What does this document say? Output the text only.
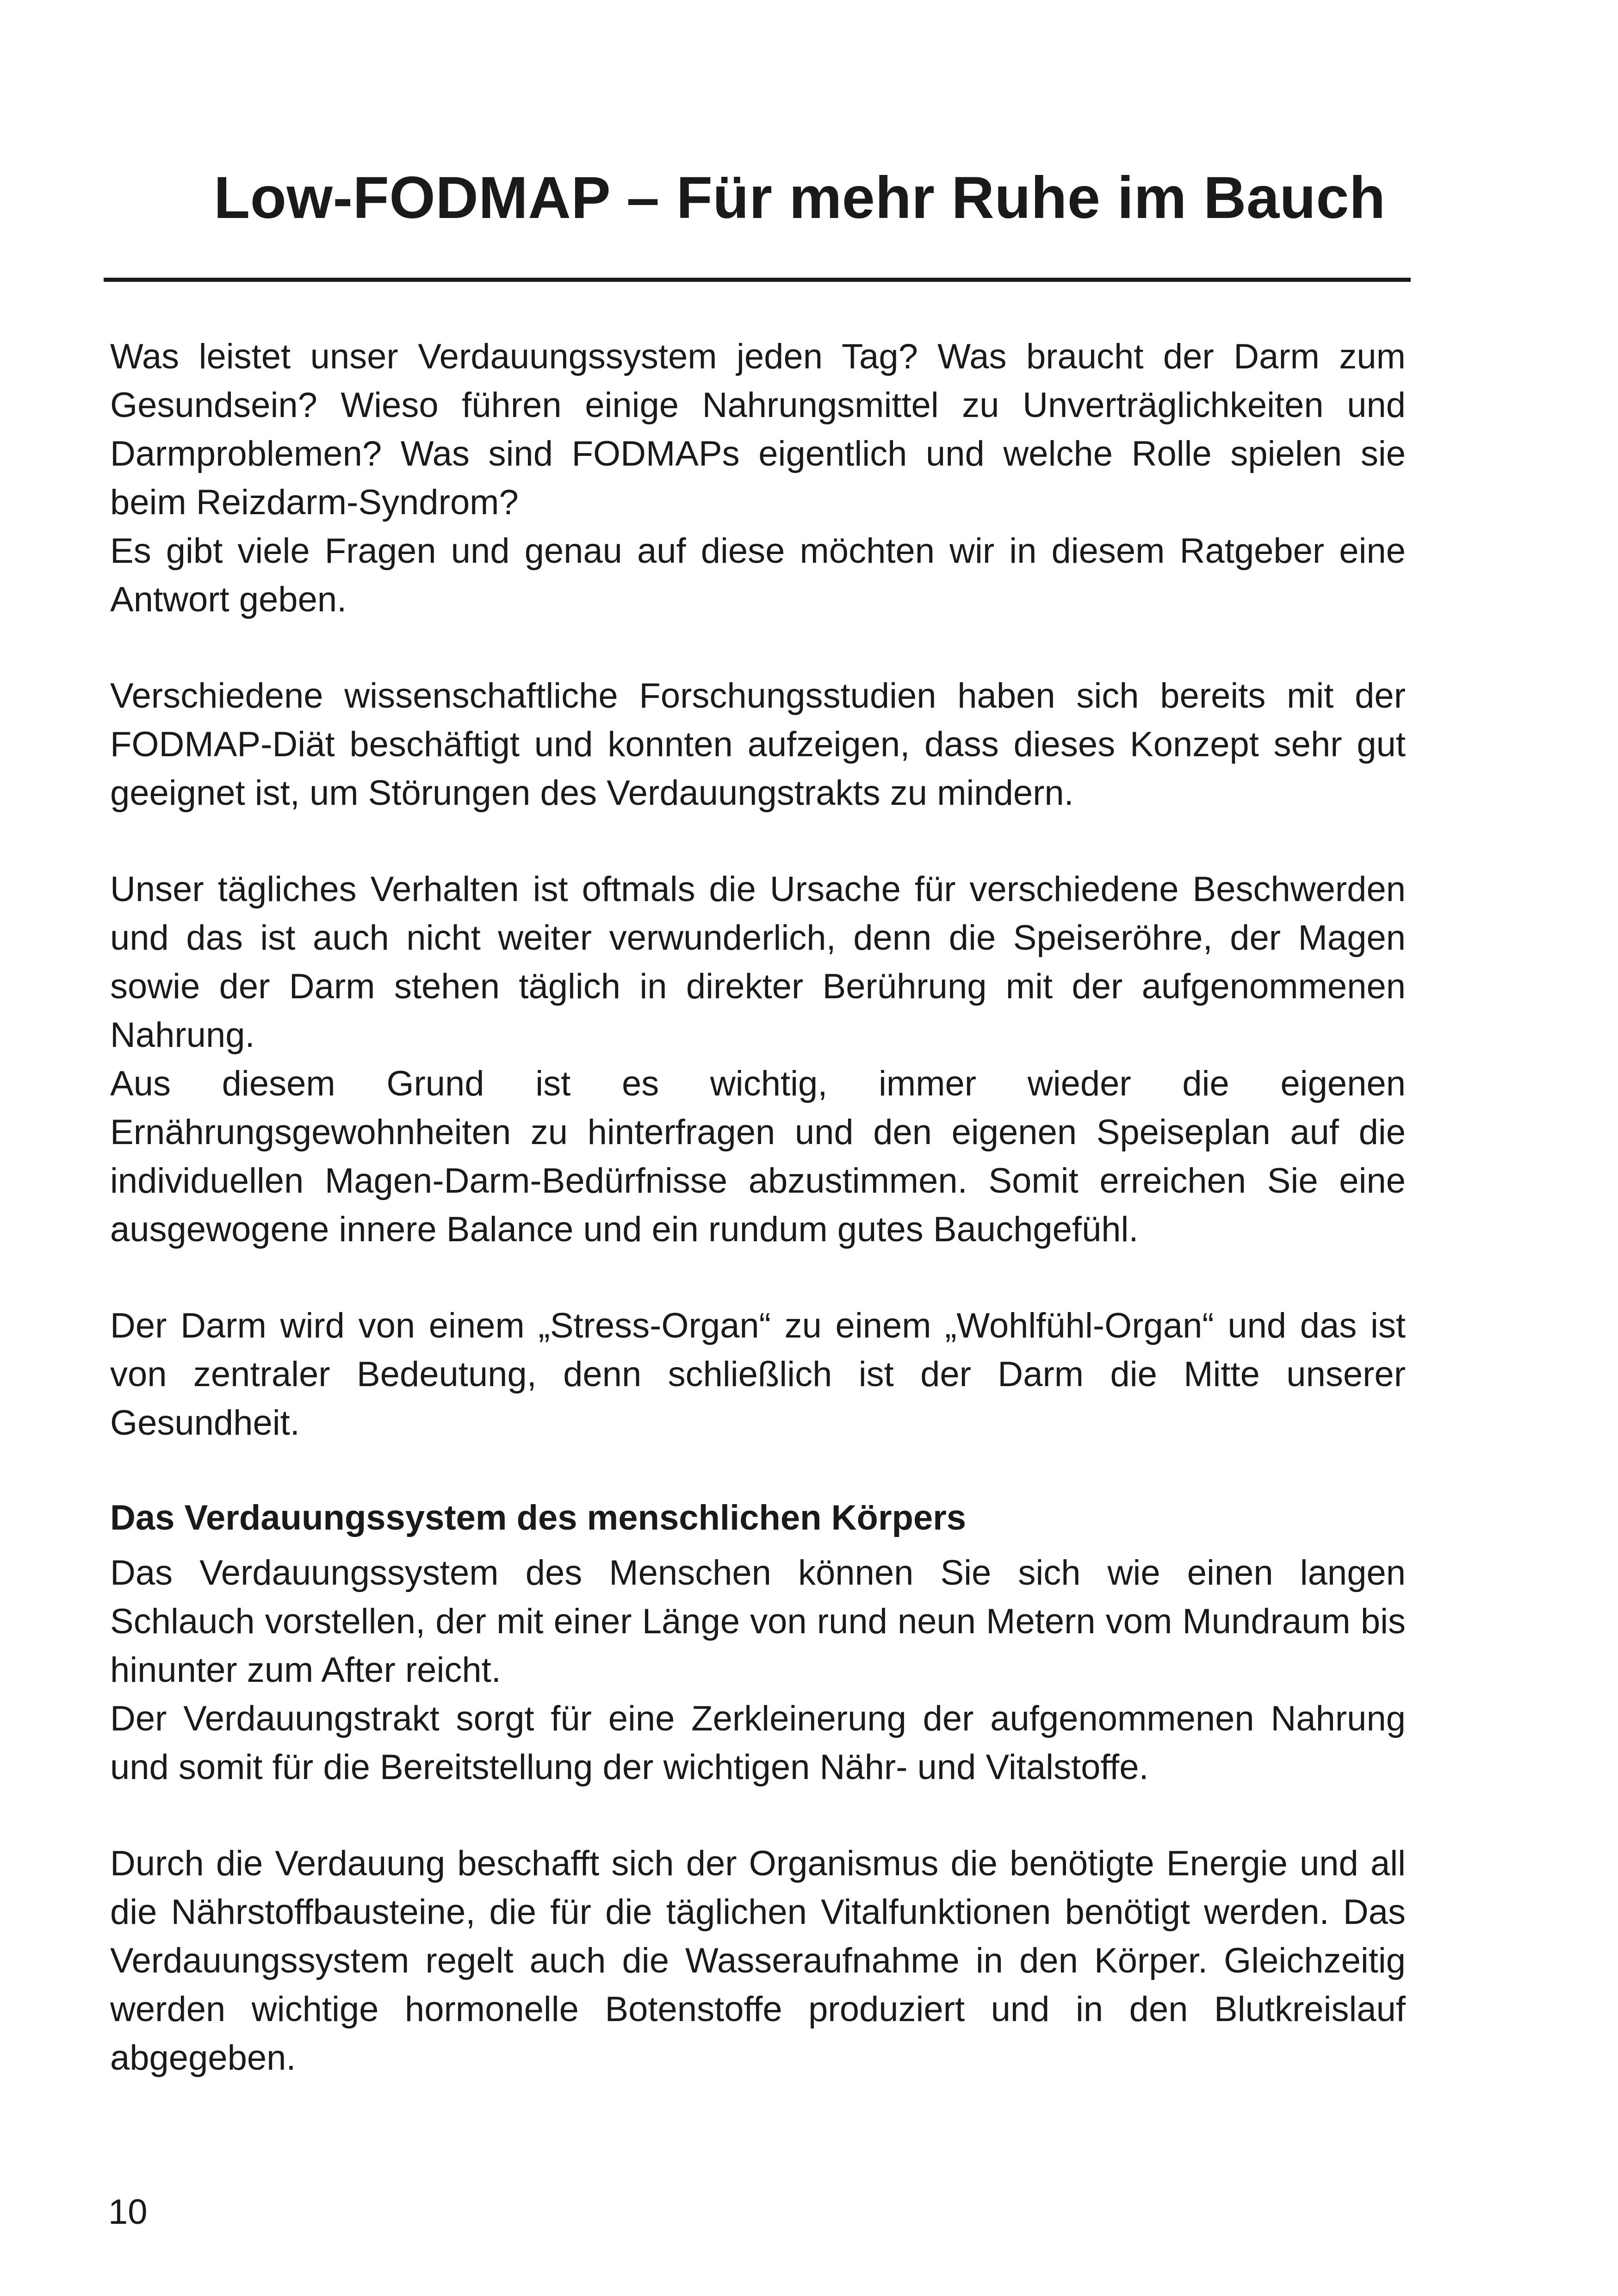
Low-FODMAP – Für mehr Ruhe im Bauch

Was leistet unser Verdauungssystem jeden Tag? Was braucht der Darm zum Gesundsein? Wieso führen einige Nahrungsmittel zu Unverträglichkeiten und Darmproblemen? Was sind FODMAPs eigentlich und welche Rolle spielen sie beim Reizdarm-Syndrom?

Es gibt viele Fragen und genau auf diese möchten wir in diesem Ratgeber eine Antwort geben.

Verschiedene wissenschaftliche Forschungsstudien haben sich bereits mit der FODMAP-Diät beschäftigt und konnten aufzeigen, dass dieses Konzept sehr gut geeignet ist, um Störungen des Verdauungstrakts zu mindern.

Unser tägliches Verhalten ist oftmals die Ursache für verschiedene Beschwerden und das ist auch nicht weiter verwunderlich, denn die Speiseröhre, der Magen sowie der Darm stehen täglich in direkter Berührung mit der aufgenommenen Nahrung.

Aus diesem Grund ist es wichtig, immer wieder die eigenen Ernährungsgewohnheiten zu hinterfragen und den eigenen Speiseplan auf die individuellen Magen-Darm-Bedürfnisse abzustimmen. Somit erreichen Sie eine ausgewogene innere Balance und ein rundum gutes Bauchgefühl.

Der Darm wird von einem „Stress-Organ“ zu einem „Wohlfühl-Organ“ und das ist von zentraler Bedeutung, denn schließlich ist der Darm die Mitte unserer Gesundheit.

Das Verdauungssystem des menschlichen Körpers

Das Verdauungssystem des Menschen können Sie sich wie einen langen Schlauch vorstellen, der mit einer Länge von rund neun Metern vom Mundraum bis hinunter zum After reicht.

Der Verdauungstrakt sorgt für eine Zerkleinerung der aufgenommenen Nahrung und somit für die Bereitstellung der wichtigen Nähr- und Vitalstoffe.

Durch die Verdauung beschafft sich der Organismus die benötigte Energie und all die Nährstoffbausteine, die für die täglichen Vitalfunktionen benötigt werden. Das Verdauungssystem regelt auch die Wasseraufnahme in den Körper. Gleichzeitig werden wichtige hormonelle Botenstoffe produziert und in den Blutkreislauf abgegeben.

10
